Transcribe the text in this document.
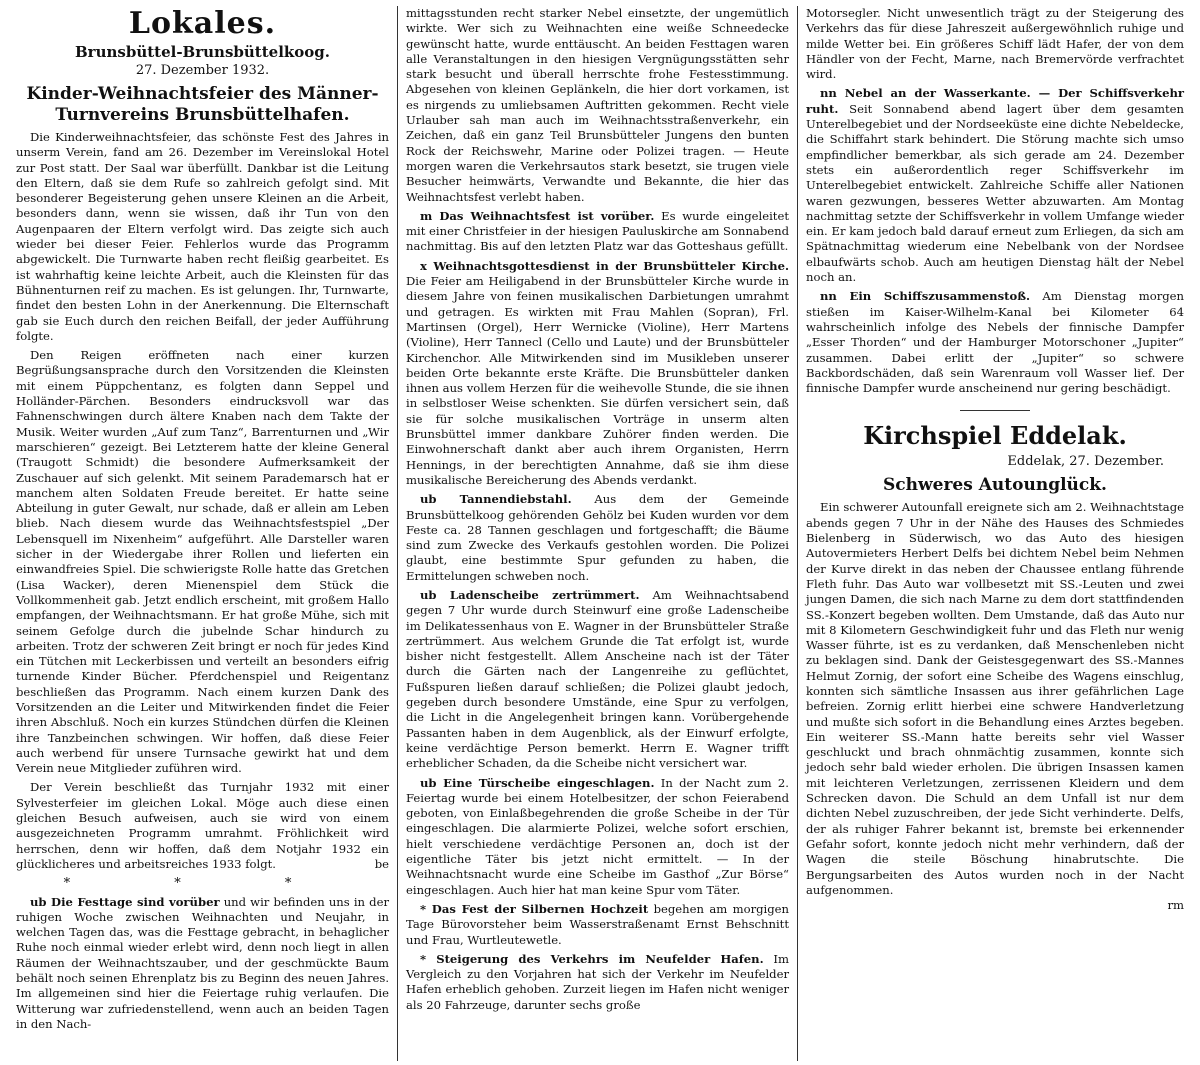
Lokales.
Brunsbüttel-Brunsbüttelkoog.
27. Dezember 1932.
Kinder-Weihnachtsfeier des Männer-Turnvereins Brunsbüttelhafen.

Die Kinderweihnachtsfeier, das schönste Fest des Jahres in unserm Verein, fand am 26. Dezember im Vereinslokal Hotel zur Post statt. Der Saal war überfüllt. Dankbar ist die Leitung den Eltern, daß sie dem Rufe so zahlreich gefolgt sind. Mit besonderer Begeisterung gehen unsere Kleinen an die Arbeit, besonders dann, wenn sie wissen, daß ihr Tun von den Augenpaaren der Eltern verfolgt wird. Das zeigte sich auch wieder bei dieser Feier. Fehlerlos wurde das Programm abgewickelt. Die Turnwarte haben recht fleißig gearbeitet. Es ist wahrhaftig keine leichte Arbeit, auch die Kleinsten für das Bühnenturnen reif zu machen. Es ist gelungen. Ihr, Turnwarte, findet den besten Lohn in der Anerkennung. Die Elternschaft gab sie Euch durch den reichen Beifall, der jeder Aufführung folgte.

Den Reigen eröffneten nach einer kurzen Begrüßungsansprache durch den Vorsitzenden die Kleinsten mit einem Püppchentanz, es folgten dann Seppel und Holländer-Pärchen. Besonders eindrucksvoll war das Fahnenschwingen durch ältere Knaben nach dem Takte der Musik. Weiter wurden „Auf zum Tanz“, Barrenturnen und „Wir marschieren“ gezeigt. Bei Letzterem hatte der kleine General (Traugott Schmidt) die besondere Aufmerksamkeit der Zuschauer auf sich gelenkt. Mit seinem Parademarsch hat er manchem alten Soldaten Freude bereitet. Er hatte seine Abteilung in guter Gewalt, nur schade, daß er allein am Leben blieb. Nach diesem wurde das Weihnachtsfestspiel „Der Lebensquell im Nixenheim“ aufgeführt. Alle Darsteller waren sicher in der Wiedergabe ihrer Rollen und lieferten ein einwandfreies Spiel. Die schwierigste Rolle hatte das Gretchen (Lisa Wacker), deren Mienenspiel dem Stück die Vollkommenheit gab. Jetzt endlich erscheint, mit großem Hallo empfangen, der Weihnachtsmann. Er hat große Mühe, sich mit seinem Gefolge durch die jubelnde Schar hindurch zu arbeiten. Trotz der schweren Zeit bringt er noch für jedes Kind ein Tütchen mit Leckerbissen und verteilt an besonders eifrig turnende Kinder Bücher. Pferdchenspiel und Reigentanz beschließen das Programm. Nach einem kurzen Dank des Vorsitzenden an die Leiter und Mitwirkenden findet die Feier ihren Abschluß. Noch ein kurzes Stündchen dürfen die Kleinen ihre Tanzbeinchen schwingen. Wir hoffen, daß diese Feier auch werbend für unsere Turnsache gewirkt hat und dem Verein neue Mitglieder zuführen wird.

Der Verein beschließt das Turnjahr 1932 mit einer Sylvesterfeier im gleichen Lokal. Möge auch diese einen gleichen Besuch aufweisen, auch sie wird von einem ausgezeichneten Programm umrahmt. Fröhlichkeit wird herrschen, denn wir hoffen, daß dem Notjahr 1932 ein glücklicheres und arbeitsreiches 1933 folgt.	be

* * *

ub Die Festtage sind vorüber und wir befinden uns in der ruhigen Woche zwischen Weihnachten und Neujahr, in welchen Tagen das, was die Festtage gebracht, in behaglicher Ruhe noch einmal wieder erlebt wird, denn noch liegt in allen Räumen der Weihnachtszauber, und der geschmückte Baum behält noch seinen Ehrenplatz bis zu Beginn des neuen Jahres. Im allgemeinen sind hier die Feiertage ruhig verlaufen. Die Witterung war zufriedenstellend, wenn auch an beiden Tagen in den Nach-

mittagsstunden recht starker Nebel einsetzte, der ungemütlich wirkte. Wer sich zu Weihnachten eine weiße Schneedecke gewünscht hatte, wurde enttäuscht. An beiden Festtagen waren alle Veranstaltungen in den hiesigen Vergnügungsstätten sehr stark besucht und überall herrschte frohe Festesstimmung. Abgesehen von kleinen Geplänkeln, die hier dort vorkamen, ist es nirgends zu umliebsamen Auftritten gekommen. Recht viele Urlauber sah man auch im Weihnachtsstraßenverkehr, ein Zeichen, daß ein ganz Teil Brunsbütteler Jungens den bunten Rock der Reichswehr, Marine oder Polizei tragen. — Heute morgen waren die Verkehrsautos stark besetzt, sie trugen viele Besucher heimwärts, Verwandte und Bekannte, die hier das Weihnachtsfest verlebt haben.

m Das Weihnachtsfest ist vorüber. Es wurde eingeleitet mit einer Christfeier in der hiesigen Pauluskirche am Sonnabend nachmittag. Bis auf den letzten Platz war das Gotteshaus gefüllt.

x Weihnachtsgottesdienst in der Brunsbütteler Kirche. Die Feier am Heiligabend in der Brunsbütteler Kirche wurde in diesem Jahre von feinen musikalischen Darbietungen umrahmt und getragen. Es wirkten mit Frau Mahlen (Sopran), Frl. Martinsen (Orgel), Herr Wernicke (Violine), Herr Martens (Violine), Herr Tannecl (Cello und Laute) und der Brunsbütteler Kirchenchor. Alle Mitwirkenden sind im Musikleben unserer beiden Orte bekannte erste Kräfte. Die Brunsbütteler danken ihnen aus vollem Herzen für die weihevolle Stunde, die sie ihnen in selbstloser Weise schenkten. Sie dürfen versichert sein, daß sie für solche musikalischen Vorträge in unserm alten Brunsbüttel immer dankbare Zuhörer finden werden. Die Einwohnerschaft dankt aber auch ihrem Organisten, Herrn Hennings, in der berechtigten Annahme, daß sie ihm diese musikalische Bereicherung des Abends verdankt.

ub Tannendiebstahl. Aus dem der Gemeinde Brunsbüttelkoog gehörenden Gehölz bei Kuden wurden vor dem Feste ca. 28 Tannen geschlagen und fortgeschafft; die Bäume sind zum Zwecke des Verkaufs gestohlen worden. Die Polizei glaubt, eine bestimmte Spur gefunden zu haben, die Ermittelungen schweben noch.

ub Ladenscheibe zertrümmert. Am Weihnachtsabend gegen 7 Uhr wurde durch Steinwurf eine große Ladenscheibe im Delikatessenhaus von E. Wagner in der Brunsbütteler Straße zertrümmert. Aus welchem Grunde die Tat erfolgt ist, wurde bisher nicht festgestellt. Allem Anscheine nach ist der Täter durch die Gärten nach der Langenreihe zu geflüchtet, Fußspuren ließen darauf schließen; die Polizei glaubt jedoch, gegeben durch besondere Umstände, eine Spur zu verfolgen, die Licht in die Angelegenheit bringen kann. Vorübergehende Passanten haben in dem Augenblick, als der Einwurf erfolgte, keine verdächtige Person bemerkt. Herrn E. Wagner trifft erheblicher Schaden, da die Scheibe nicht versichert war.

ub Eine Türscheibe eingeschlagen. In der Nacht zum 2. Feiertag wurde bei einem Hotelbesitzer, der schon Feierabend geboten, von Einlaßbegehrenden die große Scheibe in der Tür eingeschlagen. Die alarmierte Polizei, welche sofort erschien, hielt verschiedene verdächtige Personen an, doch ist der eigentliche Täter bis jetzt nicht ermittelt. — In der Weihnachtsnacht wurde eine Scheibe im Gasthof „Zur Börse“ eingeschlagen. Auch hier hat man keine Spur vom Täter.

* Das Fest der Silbernen Hochzeit begehen am morgigen Tage Bürovorsteher beim Wasserstraßenamt Ernst Behschnitt und Frau, Wurtleutewetle.

* Steigerung des Verkehrs im Neufelder Hafen. Im Vergleich zu den Vorjahren hat sich der Verkehr im Neufelder Hafen erheblich gehoben. Zurzeit liegen im Hafen nicht weniger als 20 Fahrzeuge, darunter sechs große

Motorsegler. Nicht unwesentlich trägt zu der Steigerung des Verkehrs das für diese Jahreszeit außergewöhnlich ruhige und milde Wetter bei. Ein größeres Schiff lädt Hafer, der von dem Händler von der Fecht, Marne, nach Bremervörde verfrachtet wird.

nn Nebel an der Wasserkante. — Der Schiffsverkehr ruht. Seit Sonnabend abend lagert über dem gesamten Unterelbegebiet und der Nordseeküste eine dichte Nebeldecke, die Schiffahrt stark behindert. Die Störung machte sich umso empfindlicher bemerkbar, als sich gerade am 24. Dezember stets ein außerordentlich reger Schiffsverkehr im Unterelbegebiet entwickelt. Zahlreiche Schiffe aller Nationen waren gezwungen, besseres Wetter abzuwarten. Am Montag nachmittag setzte der Schiffsverkehr in vollem Umfange wieder ein. Er kam jedoch bald darauf erneut zum Erliegen, da sich am Spätnachmittag wiederum eine Nebelbank von der Nordsee elbaufwärts schob. Auch am heutigen Dienstag hält der Nebel noch an.

nn Ein Schiffszusammenstoß. Am Dienstag morgen stießen im Kaiser-Wilhelm-Kanal bei Kilometer 64 wahrscheinlich infolge des Nebels der finnische Dampfer „Esser Thorden“ und der Hamburger Motorschoner „Jupiter“ zusammen. Dabei erlitt der „Jupiter“ so schwere Backbordschäden, daß sein Warenraum voll Wasser lief. Der finnische Dampfer wurde anscheinend nur gering beschädigt.

Kirchspiel Eddelak.
Eddelak, 27. Dezember.
Schweres Autounglück.

Ein schwerer Autounfall ereignete sich am 2. Weihnachtstage abends gegen 7 Uhr in der Nähe des Hauses des Schmiedes Bielenberg in Süderwisch, wo das Auto des hiesigen Autovermieters Herbert Delfs bei dichtem Nebel beim Nehmen der Kurve direkt in das neben der Chaussee entlang führende Fleth fuhr. Das Auto war vollbesetzt mit SS.-Leuten und zwei jungen Damen, die sich nach Marne zu dem dort stattfindenden SS.-Konzert begeben wollten. Dem Umstande, daß das Auto nur mit 8 Kilometern Geschwindigkeit fuhr und das Fleth nur wenig Wasser führte, ist es zu verdanken, daß Menschenleben nicht zu beklagen sind. Dank der Geistesgegenwart des SS.-Mannes Helmut Zornig, der sofort eine Scheibe des Wagens einschlug, konnten sich sämtliche Insassen aus ihrer gefährlichen Lage befreien. Zornig erlitt hierbei eine schwere Handverletzung und mußte sich sofort in die Behandlung eines Arztes begeben. Ein weiterer SS.-Mann hatte bereits sehr viel Wasser geschluckt und brach ohnmächtig zusammen, konnte sich jedoch sehr bald wieder erholen. Die übrigen Insassen kamen mit leichteren Verletzungen, zerrissenen Kleidern und dem Schrecken davon. Die Schuld an dem Unfall ist nur dem dichten Nebel zuzuschreiben, der jede Sicht verhinderte. Delfs, der als ruhiger Fahrer bekannt ist, bremste bei erkennender Gefahr sofort, konnte jedoch nicht mehr verhindern, daß der Wagen die steile Böschung hinabrutschte. Die Bergungsarbeiten des Autos wurden noch in der Nacht aufgenommen.

rm
